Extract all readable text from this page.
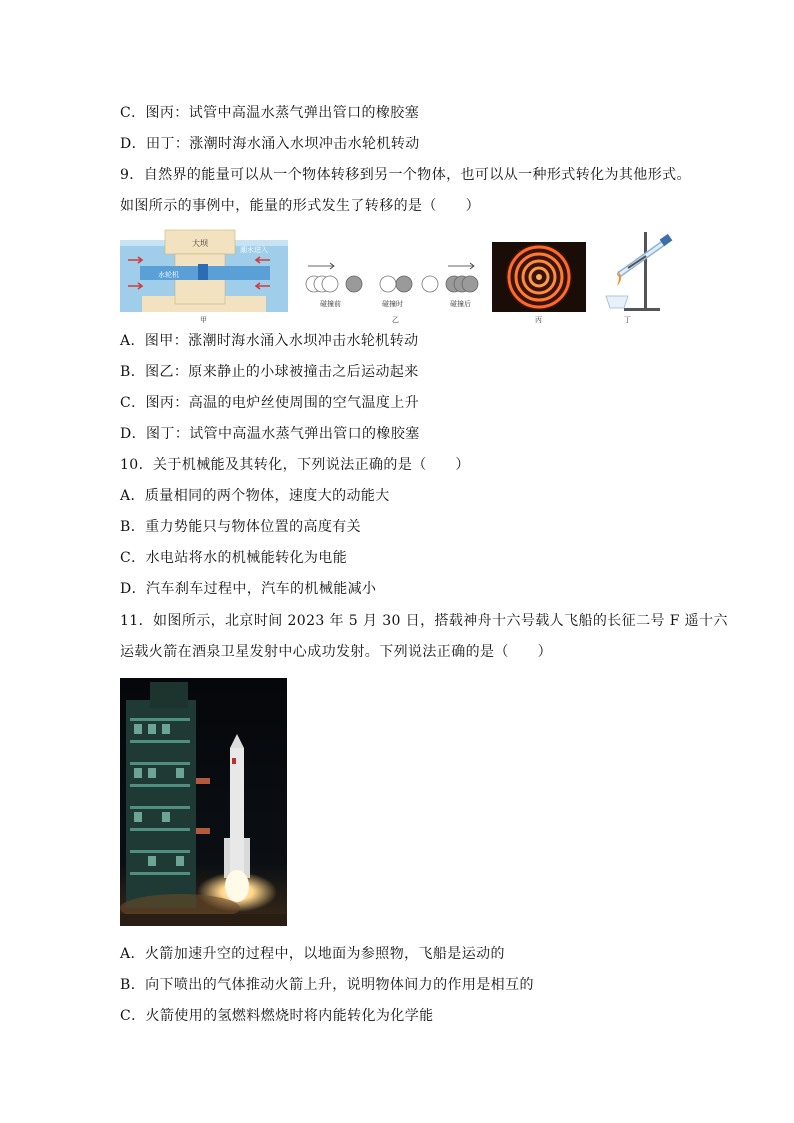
C．图丙：试管中高温水蒸气弹出管口的橡胶塞
D．田丁：涨潮时海水涌入水坝冲击水轮机转动
9．自然界的能量可以从一个物体转移到另一个物体，也可以从一种形式转化为其他形式。
如图所示的事例中，能量的形式发生了转移的是（　　）
大坝
潮水进入
水轮机
甲
碰撞前	碰撞时	碰撞后
乙	丙	丁
A．图甲：涨潮时海水涌入水坝冲击水轮机转动
B．图乙：原来静止的小球被撞击之后运动起来
C．图丙：高温的电炉丝使周围的空气温度上升
D．图丁：试管中高温水蒸气弹出管口的橡胶塞
10．关于机械能及其转化，下列说法正确的是（　　）
A．质量相同的两个物体，速度大的动能大
B．重力势能只与物体位置的高度有关
C．水电站将水的机械能转化为电能
D．汽车刹车过程中，汽车的机械能减小
11．如图所示，北京时间 2023 年 5 月 30 日，搭载神舟十六号载人飞船的长征二号 F 遥十六
运载火箭在酒泉卫星发射中心成功发射。下列说法正确的是（　　）
A．火箭加速升空的过程中，以地面为参照物，飞船是运动的
B．向下喷出的气体推动火箭上升，说明物体间力的作用是相互的
C．火箭使用的氢燃料燃烧时将内能转化为化学能
